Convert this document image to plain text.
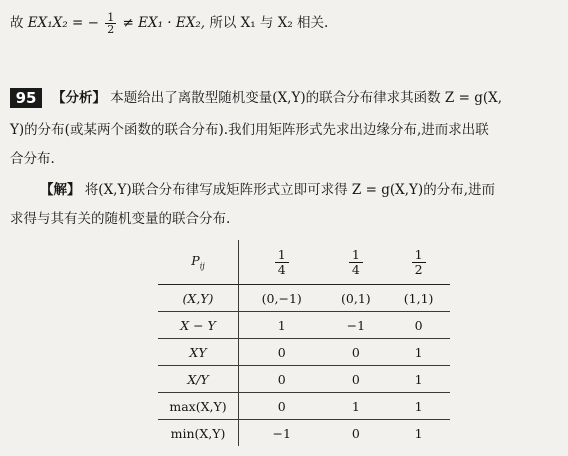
故 EX₁X₂ = − $\frac{1}{2} \ne EX_1 \cdot EX_2$, 所以 X₁ 与 X₂ 相关.
95	【分析】 本题给出了离散型随机变量(X,Y)的联合分布律求其函数 Z = g(X,
Y)的分布(或某两个函数的联合分布).我们用矩阵形式先求出边缘分布,进而求出联
合分布.
【解】 将(X,Y)联合分布律写成矩阵形式立即可求得 Z = g(X,Y)的分布,进而
求得与其有关的随机变量的联合分布.
$P_{ij}$	$\frac{1}{4}$	$\frac{1}{4}$	$\frac{1}{2}$

(X,Y)	(0,−1)	(0,1)	(1,1)
X − Y	1	−1	0
XY	0	0	1
X/Y	0	0	1
max(X,Y)	0	1	1
min(X,Y)	−1	0	1
